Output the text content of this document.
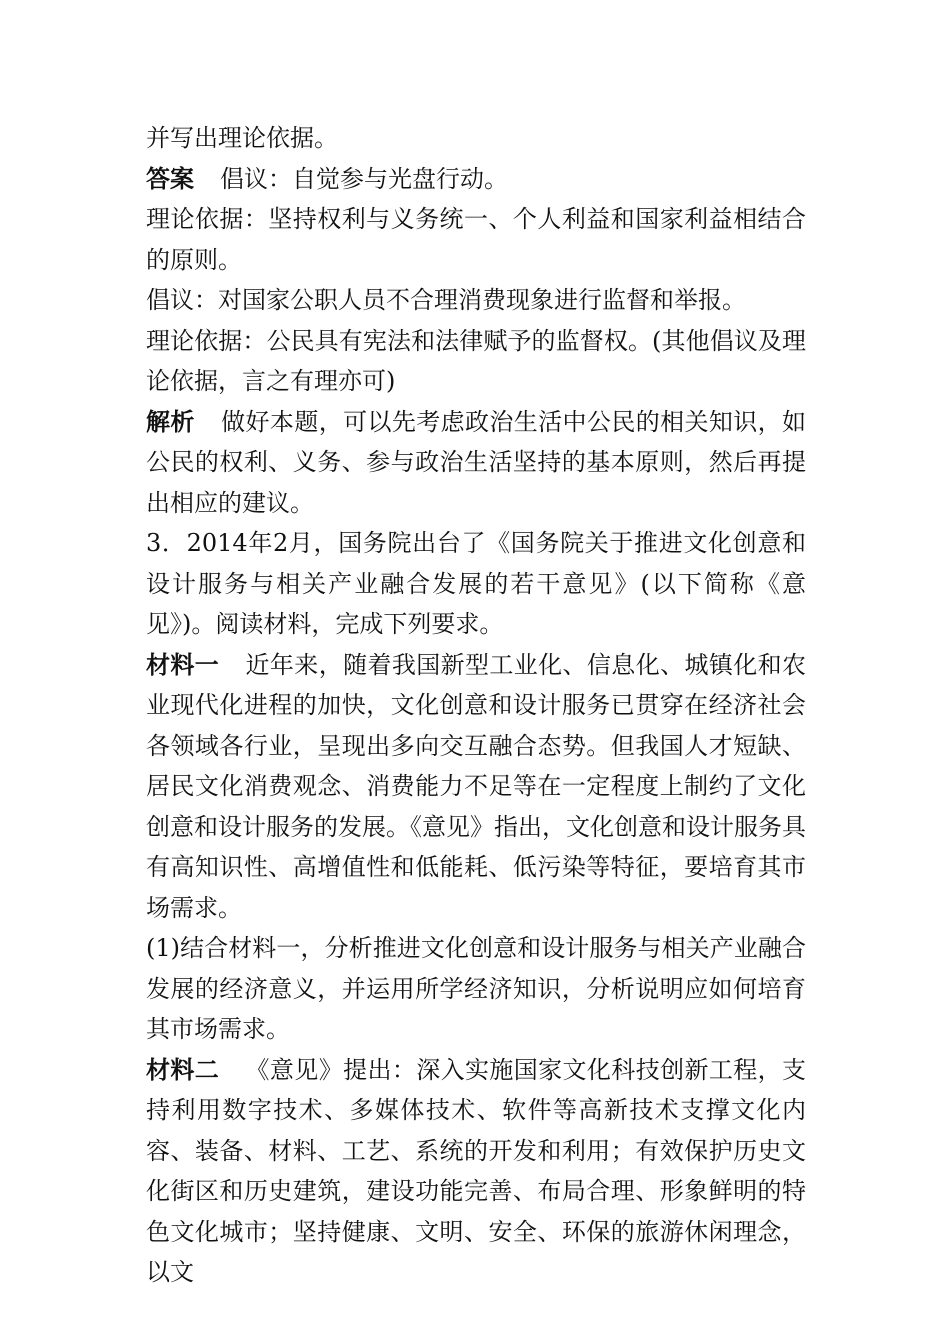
并写出理论依据。

答案 倡议：自觉参与光盘行动。

理论依据：坚持权利与义务统一、个人利益和国家利益相结合的原则。

倡议：对国家公职人员不合理消费现象进行监督和举报。

理论依据：公民具有宪法和法律赋予的监督权。(其他倡议及理论依据，言之有理亦可)

解析 做好本题，可以先考虑政治生活中公民的相关知识，如公民的权利、义务、参与政治生活坚持的基本原则，然后再提出相应的建议。

3．2014年2月，国务院出台了《国务院关于推进文化创意和设计服务与相关产业融合发展的若干意见》(以下简称《意见》)。阅读材料，完成下列要求。

材料一 近年来，随着我国新型工业化、信息化、城镇化和农业现代化进程的加快，文化创意和设计服务已贯穿在经济社会各领域各行业，呈现出多向交互融合态势。但我国人才短缺、居民文化消费观念、消费能力不足等在一定程度上制约了文化创意和设计服务的发展。《意见》指出，文化创意和设计服务具有高知识性、高增值性和低能耗、低污染等特征，要培育其市场需求。

(1)结合材料一，分析推进文化创意和设计服务与相关产业融合发展的经济意义，并运用所学经济知识，分析说明应如何培育其市场需求。

材料二 《意见》提出：深入实施国家文化科技创新工程，支持利用数字技术、多媒体技术、软件等高新技术支撑文化内容、装备、材料、工艺、系统的开发和利用；有效保护历史文化街区和历史建筑，建设功能完善、布局合理、形象鲜明的特色文化城市；坚持健康、文明、安全、环保的旅游休闲理念，以文
